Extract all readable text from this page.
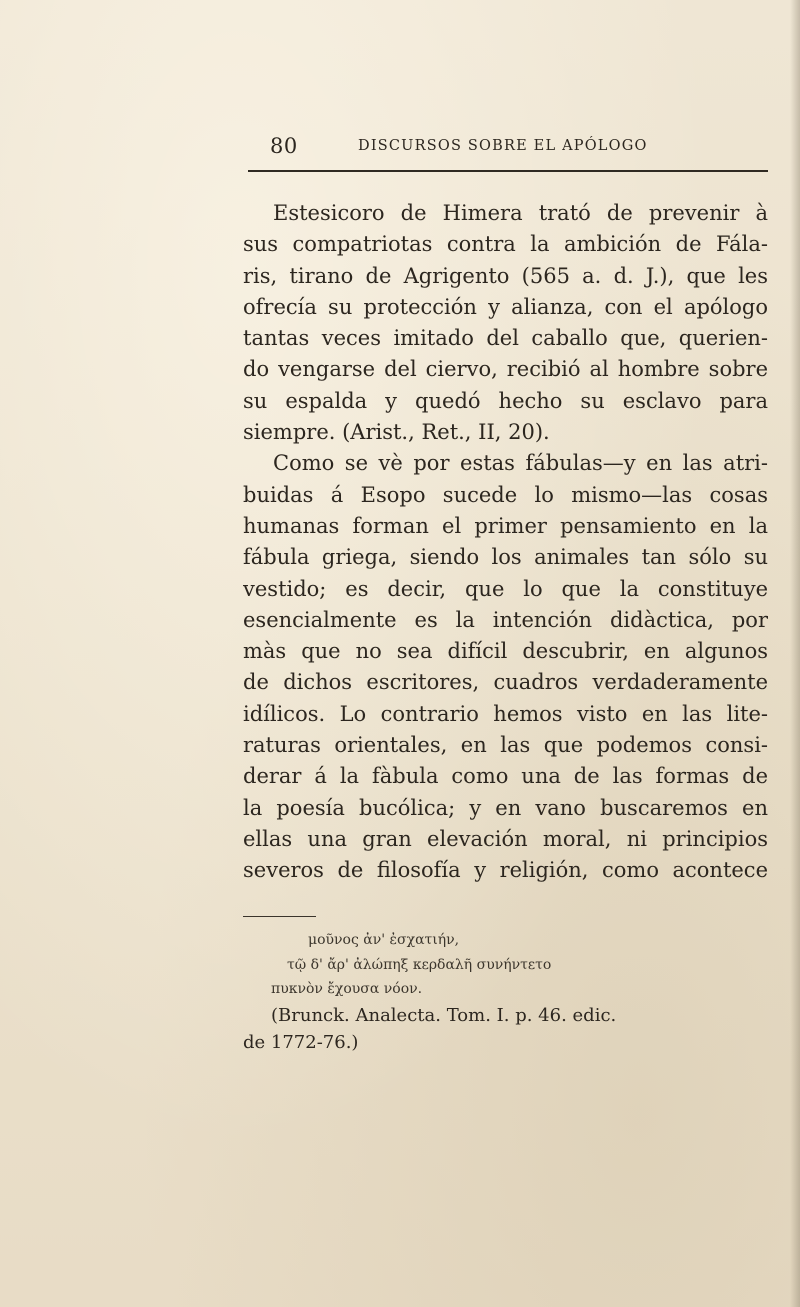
80	DISCURSOS SOBRE EL APÓLOGO
Estesicoro de Himera trató de prevenir à
sus compatriotas contra la ambición de Fála-
ris, tirano de Agrigento (565 a. d. J.), que les
ofrecía su protección y alianza, con el apólogo
tantas veces imitado del caballo que, querien-
do vengarse del ciervo, recibió al hombre sobre
su espalda y quedó hecho su esclavo para
siempre. (Arist., Ret., II, 20).
Como se vè por estas fábulas—y en las atri-
buidas á Esopo sucede lo mismo—las cosas
humanas forman el primer pensamiento en la
fábula griega, siendo los animales tan sólo su
vestido; es decir, que lo que la constituye
esencialmente es la intención didàctica, por
màs que no sea difícil descubrir, en algunos
de dichos escritores, cuadros verdaderamente
idílicos. Lo contrario hemos visto en las lite-
raturas orientales, en las que podemos consi-
derar á la fàbula como una de las formas de
la poesía bucólica; y en vano buscaremos en
ellas una gran elevación moral, ni principios
severos de filosofía y religión, como acontece
μοῦνος ἀν' ἐσχατιήν,
τῷ δ' ἄρ' ἀλώπηξ κερδαλῆ συνήντετο
πυκνὸν ἔχουσα νόον.
(Brunck. Analecta. Tom. I. p. 46. edic.
de 1772-76.)
